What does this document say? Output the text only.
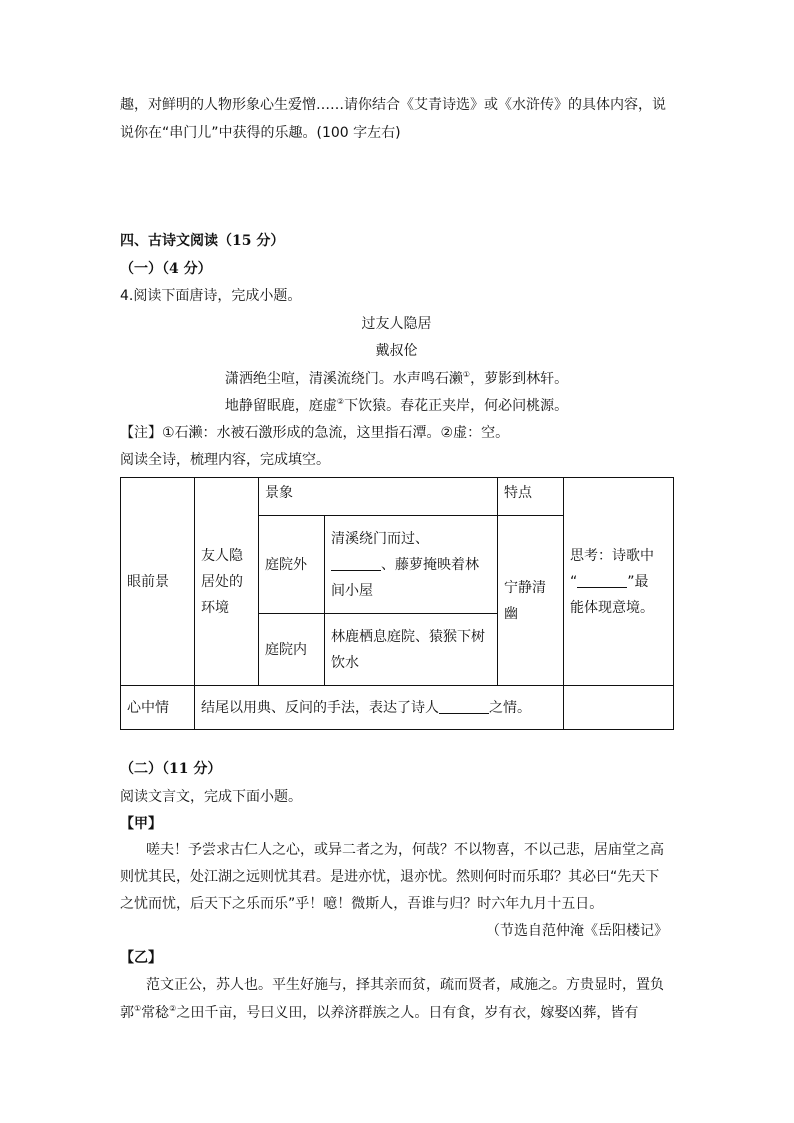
趣，对鲜明的人物形象心生爱憎……请你结合《艾青诗选》或《水浒传》的具体内容，说
说你在“串门儿”中获得的乐趣。(100 字左右)
四、古诗文阅读（15 分）
（一）（4 分）
4.阅读下面唐诗，完成小题。
过友人隐居
戴叔伦
潇洒绝尘喧，清溪流绕门。水声鸣石濑①，萝影到林轩。
地静留眠鹿，庭虚②下饮猿。春花正夹岸，何必问桃源。
【注】①石濑：水被石激形成的急流，这里指石潭。②虚：空。
阅读全诗，梳理内容，完成填空。
眼前景	友人隐居处的环境	景象		特点	思考：诗歌中
“ ”最
能体现意境。
		庭院外	清溪绕门而过、
、藤萝掩映着林间小屋	宁静清幽	
		庭院内	林鹿栖息庭院、猿猴下树饮水		
心中情	结尾以用典、反问的手法，表达了诗人 之情。				
（二）（11 分）
阅读文言文，完成下面小题。
【甲】
嗟夫！予尝求古仁人之心，或异二者之为，何哉？不以物喜，不以己悲，居庙堂之高
则忧其民，处江湖之远则忧其君。是进亦忧，退亦忧。然则何时而乐耶？其必曰“先天下
之忧而忧，后天下之乐而乐”乎！噫！微斯人，吾谁与归？时六年九月十五日。
（节选自范仲淹《岳阳楼记》
【乙】
范文正公，苏人也。平生好施与，择其亲而贫，疏而贤者，咸施之。方贵显时，置负
郭①常稔②之田千亩，号曰义田，以养济群族之人。日有食，岁有衣，嫁娶凶葬，皆有
